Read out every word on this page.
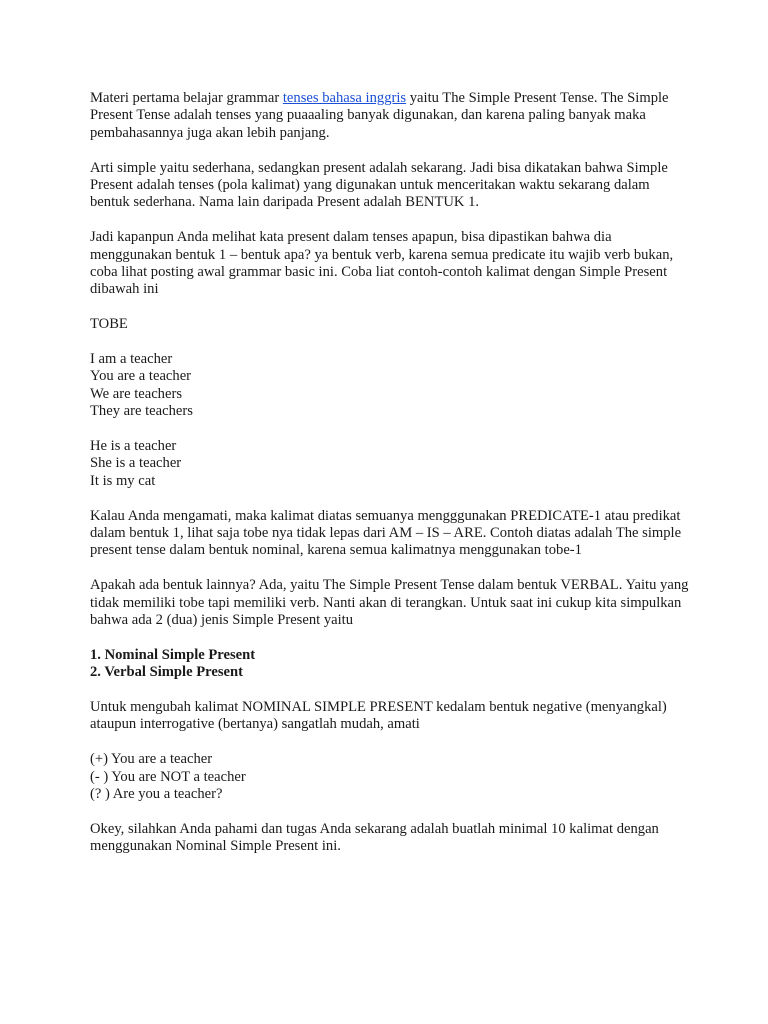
Materi pertama belajar grammar tenses bahasa inggris yaitu The Simple Present Tense. The Simple Present Tense adalah tenses yang puaaaling banyak digunakan, dan karena paling banyak maka pembahasannya juga akan lebih panjang.

Arti simple yaitu sederhana, sedangkan present adalah sekarang. Jadi bisa dikatakan bahwa Simple Present adalah tenses (pola kalimat) yang digunakan untuk menceritakan waktu sekarang dalam bentuk sederhana. Nama lain daripada Present adalah BENTUK 1.

Jadi kapanpun Anda melihat kata present dalam tenses apapun, bisa dipastikan bahwa dia menggunakan bentuk 1 – bentuk apa? ya bentuk verb, karena semua predicate itu wajib verb bukan, coba lihat posting awal grammar basic ini. Coba liat contoh-contoh kalimat dengan Simple Present dibawah ini

TOBE

I am a teacher
You are a teacher
We are teachers
They are teachers

He is a teacher
She is a teacher
It is my cat

Kalau Anda mengamati, maka kalimat diatas semuanya mengggunakan PREDICATE-1 atau predikat dalam bentuk 1, lihat saja tobe nya tidak lepas dari AM – IS – ARE. Contoh diatas adalah The simple present tense dalam bentuk nominal, karena semua kalimatnya menggunakan tobe-1

Apakah ada bentuk lainnya? Ada, yaitu The Simple Present Tense dalam bentuk VERBAL. Yaitu yang tidak memiliki tobe tapi memiliki verb. Nanti akan di terangkan. Untuk saat ini cukup kita simpulkan bahwa ada 2 (dua) jenis Simple Present yaitu

1. Nominal Simple Present
2. Verbal Simple Present

Untuk mengubah kalimat NOMINAL SIMPLE PRESENT kedalam bentuk negative (menyangkal) ataupun interrogative (bertanya) sangatlah mudah, amati

(+) You are a teacher
(- ) You are NOT a teacher
(? ) Are you a teacher?

Okey, silahkan Anda pahami dan tugas Anda sekarang adalah buatlah minimal 10 kalimat dengan menggunakan Nominal Simple Present ini.
